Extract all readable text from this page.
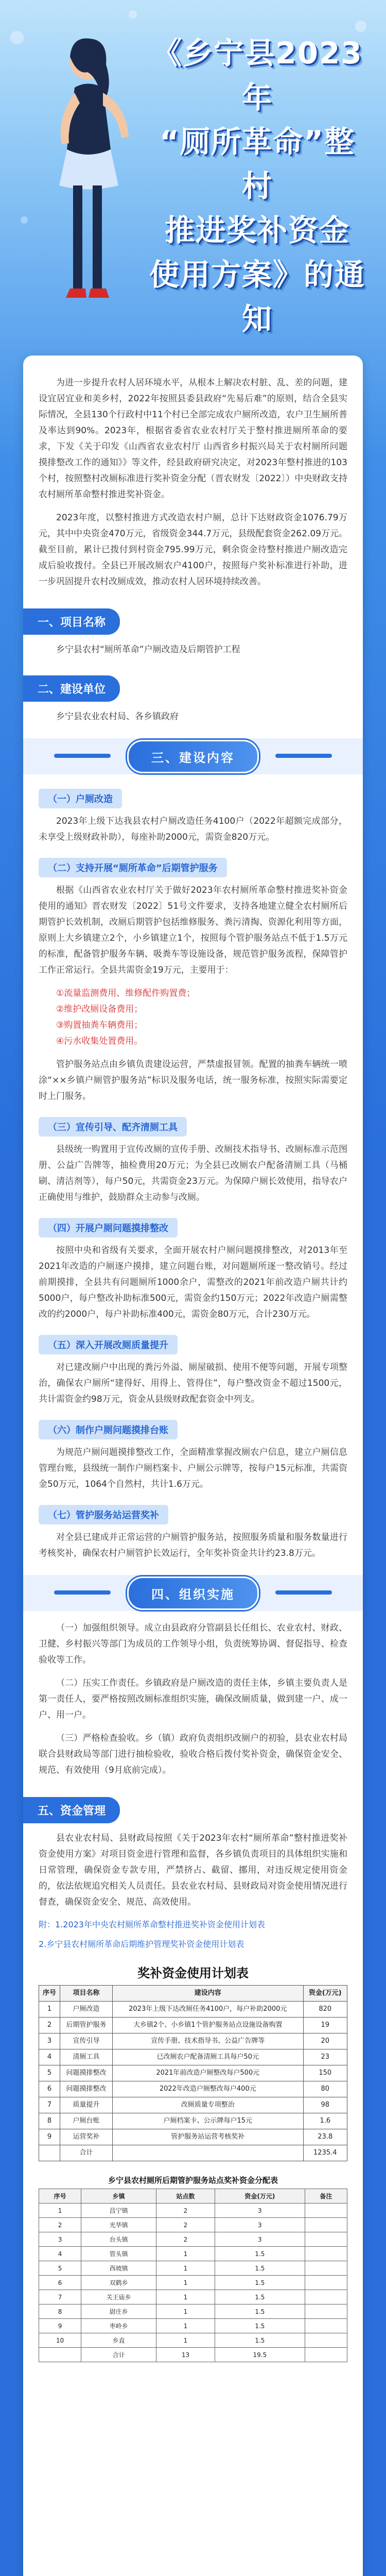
《乡宁县2023年
“厕所革命”整村
推进奖补资金
使用方案》的通知

为进一步提升农村人居环境水平，从根本上解决农村脏、乱、差的问题，建设宜居宜业和美乡村，2022年按照县委县政府“先易后难”的原则，结合全县实际情况，全县130个行政村中11个村已全部完成农户厕所改造，农户卫生厕所普及率达到90%。2023年，根据省委省农业农村厅关于整村推进厕所革命的要求，下发《关于印发《山西省农业农村厅 山西省乡村振兴局关于农村厕所问题摸排整改工作的通知》》等文件，经县政府研究决定，对2023年整村推进的103个村，按照整村改厕标准进行奖补资金分配（晋农财发〔2022〕）中央财政支持农村厕所革命整村推进奖补资金。

2023年度，以整村推进方式改造农村户厕，总计下达财政资金1076.79万元，其中中央资金470万元，省级资金344.7万元，县级配套资金262.09万元。截至目前，累计已拨付到村资金795.99万元，剩余资金待整村推进户厕改造完成后验收拨付。全县已开展改厕农户4100户，按照每户奖补标准进行补助，进一步巩固提升农村改厕成效，推动农村人居环境持续改善。

一、项目名称

乡宁县农村“厕所革命”户厕改造及后期管护工程

二、建设单位

乡宁县农业农村局、各乡镇政府

三、建设内容
（一）户厕改造

2023年上级下达我县农村户厕改造任务4100户（2022年超额完成部分，未享受上级财政补助），每座补助2000元，需资金820万元。

（二）支持开展“厕所革命”后期管护服务

根据《山西省农业农村厅关于做好2023年农村厕所革命整村推进奖补资金使用的通知》晋农财发〔2022〕51号文件要求，支持各地建立健全农村厕所后期管护长效机制，改厕后期管护包括维修服务、粪污清掏、资源化利用等方面，原则上大乡镇建立2个，小乡镇建立1个，按照每个管护服务站点不低于1.5万元的标准，配备管护服务车辆、吸粪车等设施设备，规范管护服务流程，保障管护工作正常运行。全县共需资金19万元，主要用于：

①流量监测费用、维修配件购置费；
②维护改厕设备费用；
③购置抽粪车辆费用；
④污水收集处置费用。

管护服务站点由乡镇负责建设运营，严禁虚报冒领。配置的抽粪车辆统一喷涂“××乡镇户厕管护服务站”标识及服务电话，统一服务标准，按照实际需要定时上门服务。

（三）宣传引导、配齐清厕工具

县级统一购置用于宣传改厕的宣传手册、改厕技术指导书、改厕标准示范图册、公益广告牌等，抽检费用20万元；为全县已改厕农户配备清厕工具（马桶刷、清洁剂等），每户50元，共需资金23万元。为保障户厕长效使用，指导农户正确使用与维护，鼓励群众主动参与改厕。

（四）开展户厕问题摸排整改

按照中央和省级有关要求，全面开展农村户厕问题摸排整改，对2013年至2021年改造的户厕逐户摸排，建立问题台账，对问题厕所逐一整改销号。经过前期摸排，全县共有问题厕所1000余户，需整改的2021年前改造户厕共计约5000户，每户整改补助标准500元，需资金约150万元；2022年改造户厕需整改的约2000户，每户补助标准400元，需资金80万元，合计230万元。

（五）深入开展改厕质量提升

对已建改厕户中出现的粪污外溢、厕屋破损、使用不便等问题，开展专项整治，确保农户厕所“建得好、用得上、管得住”，每户整改资金不超过1500元，共计需资金约98万元，资金从县级财政配套资金中列支。

（六）制作户厕问题摸排台账

为规范户厕问题摸排整改工作，全面精准掌握改厕农户信息，建立户厕信息管理台账，县级统一制作户厕档案卡、户厕公示牌等，按每户15元标准，共需资金50万元，1064个自然村，共计1.6万元。

（七）管护服务站运营奖补

对全县已建成并正常运营的户厕管护服务站，按照服务质量和服务数量进行考核奖补，确保农村户厕管护长效运行，全年奖补资金共计约23.8万元。

四、组织实施

（一）加强组织领导。成立由县政府分管副县长任组长、农业农村、财政、卫健、乡村振兴等部门为成员的工作领导小组，负责统筹协调、督促指导、检查验收等工作。

（二）压实工作责任。乡镇政府是户厕改造的责任主体，乡镇主要负责人是第一责任人，要严格按照改厕标准组织实施，确保改厕质量，做到建一户、成一户、用一户。

（三）严格检查验收。乡（镇）政府负责组织改厕户的初验，县农业农村局联合县财政局等部门进行抽检验收，验收合格后拨付奖补资金，确保资金安全、规范、有效使用（9月底前完成）。

五、资金管理

县农业农村局、县财政局按照《关于2023年农村“厕所革命”整村推进奖补资金使用方案》对项目资金进行管理和监督，各乡镇负责项目的具体组织实施和日常管理，确保资金专款专用，严禁挤占、截留、挪用，对违反规定使用资金的，依法依规追究相关人员责任。县农业农村局、县财政局对资金使用情况进行督查，确保资金安全、规范、高效使用。

附：1.2023年中央农村厕所革命整村推进奖补资金使用计划表
2.乡宁县农村厕所革命后期维护管理奖补资金使用计划表
奖补资金使用计划表
序号	项目名称	建设内容	资金(万元)
1	户厕改造	2023年上级下达改厕任务4100户，每户补助2000元	820
2	后期管护服务	大乡镇2个、小乡镇1个管护服务站点设施设备购置	19
3	宣传引导	宣传手册、技术指导书、公益广告牌等	20
4	清厕工具	已改厕农户配备清厕工具每户50元	23
5	问题摸排整改	2021年前改造户厕整改每户500元	150
6	问题摸排整改	2022年改造户厕整改每户400元	80
7	质量提升	改厕质量专项整治	98
8	户厕台账	户厕档案卡、公示牌每户15元	1.6
9	运营奖补	管护服务站运营考核奖补	23.8
	合计		1235.4
乡宁县农村厕所后期管护服务站点奖补资金分配表
序号	乡镇	站点数	资金(万元)	备注
1	昌宁镇	2	3	
2	光华镇	2	3	
3	台头镇	2	3	
4	管头镇	1	1.5	
5	西坡镇	1	1.5	
6	双鹤乡	1	1.5	
7	关王庙乡	1	1.5	
8	尉庄乡	1	1.5	
9	枣岭乡	1	1.5	
10	乡直	1	1.5	
	合计	13	19.5	
